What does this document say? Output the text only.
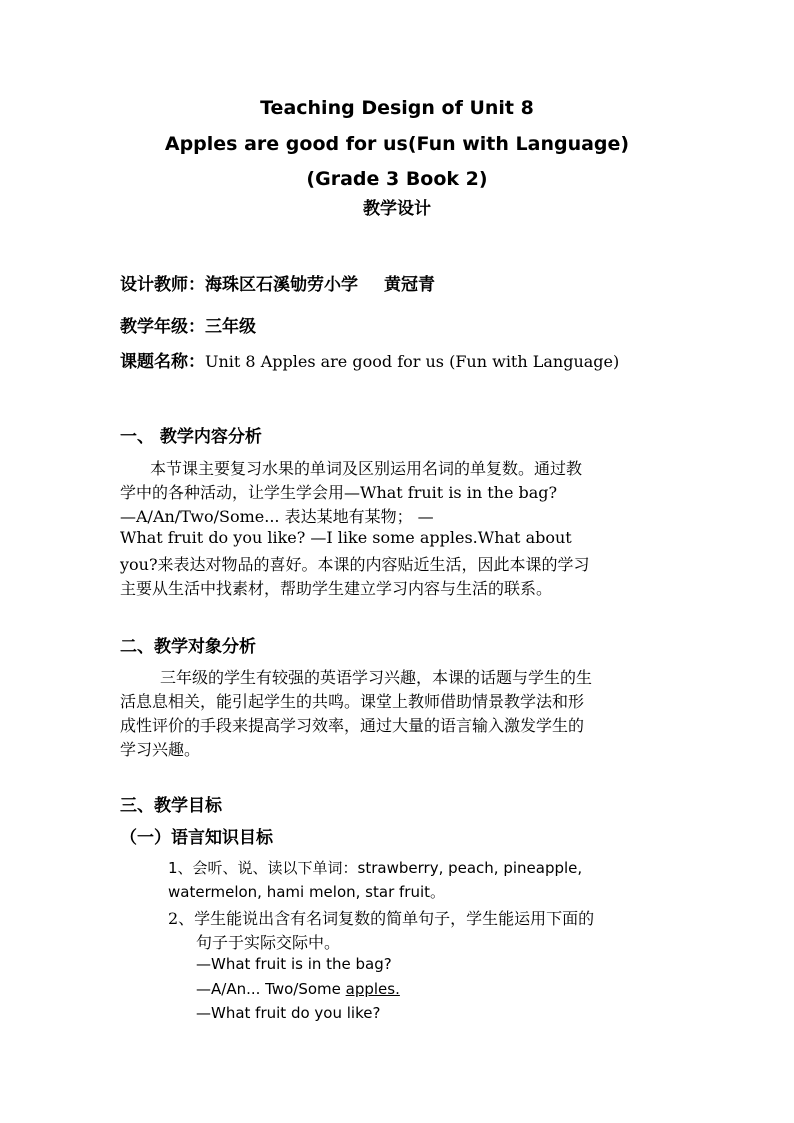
Teaching Design of Unit 8
Apples are good for us(Fun with Language)
(Grade 3 Book 2)
教学设计
设计教师：海珠区石溪劬劳小学 黄冠青
教学年级：三年级
课题名称：Unit 8 Apples are good for us (Fun with Language)
一、 教学内容分析
本节课主要复习水果的单词及区别运用名词的单复数。通过教
学中的各种活动，让学生学会用—What fruit is in the bag?
—A/An/Two/Some... 表达某地有某物； —
What fruit do you like? —I like some apples.What about
you?来表达对物品的喜好。本课的内容贴近生活，因此本课的学习
主要从生活中找素材，帮助学生建立学习内容与生活的联系。
二、教学对象分析
三年级的学生有较强的英语学习兴趣，本课的话题与学生的生
活息息相关，能引起学生的共鸣。课堂上教师借助情景教学法和形
成性评价的手段来提高学习效率，通过大量的语言输入激发学生的
学习兴趣。
三、教学目标
（一）语言知识目标
1、会听、说、读以下单词：strawberry, peach, pineapple,
watermelon, hami melon, star fruit。
2、学生能说出含有名词复数的简单句子，学生能运用下面的
句子于实际交际中。
—What fruit is in the bag?
—A/An... Two/Some apples.
—What fruit do you like?
